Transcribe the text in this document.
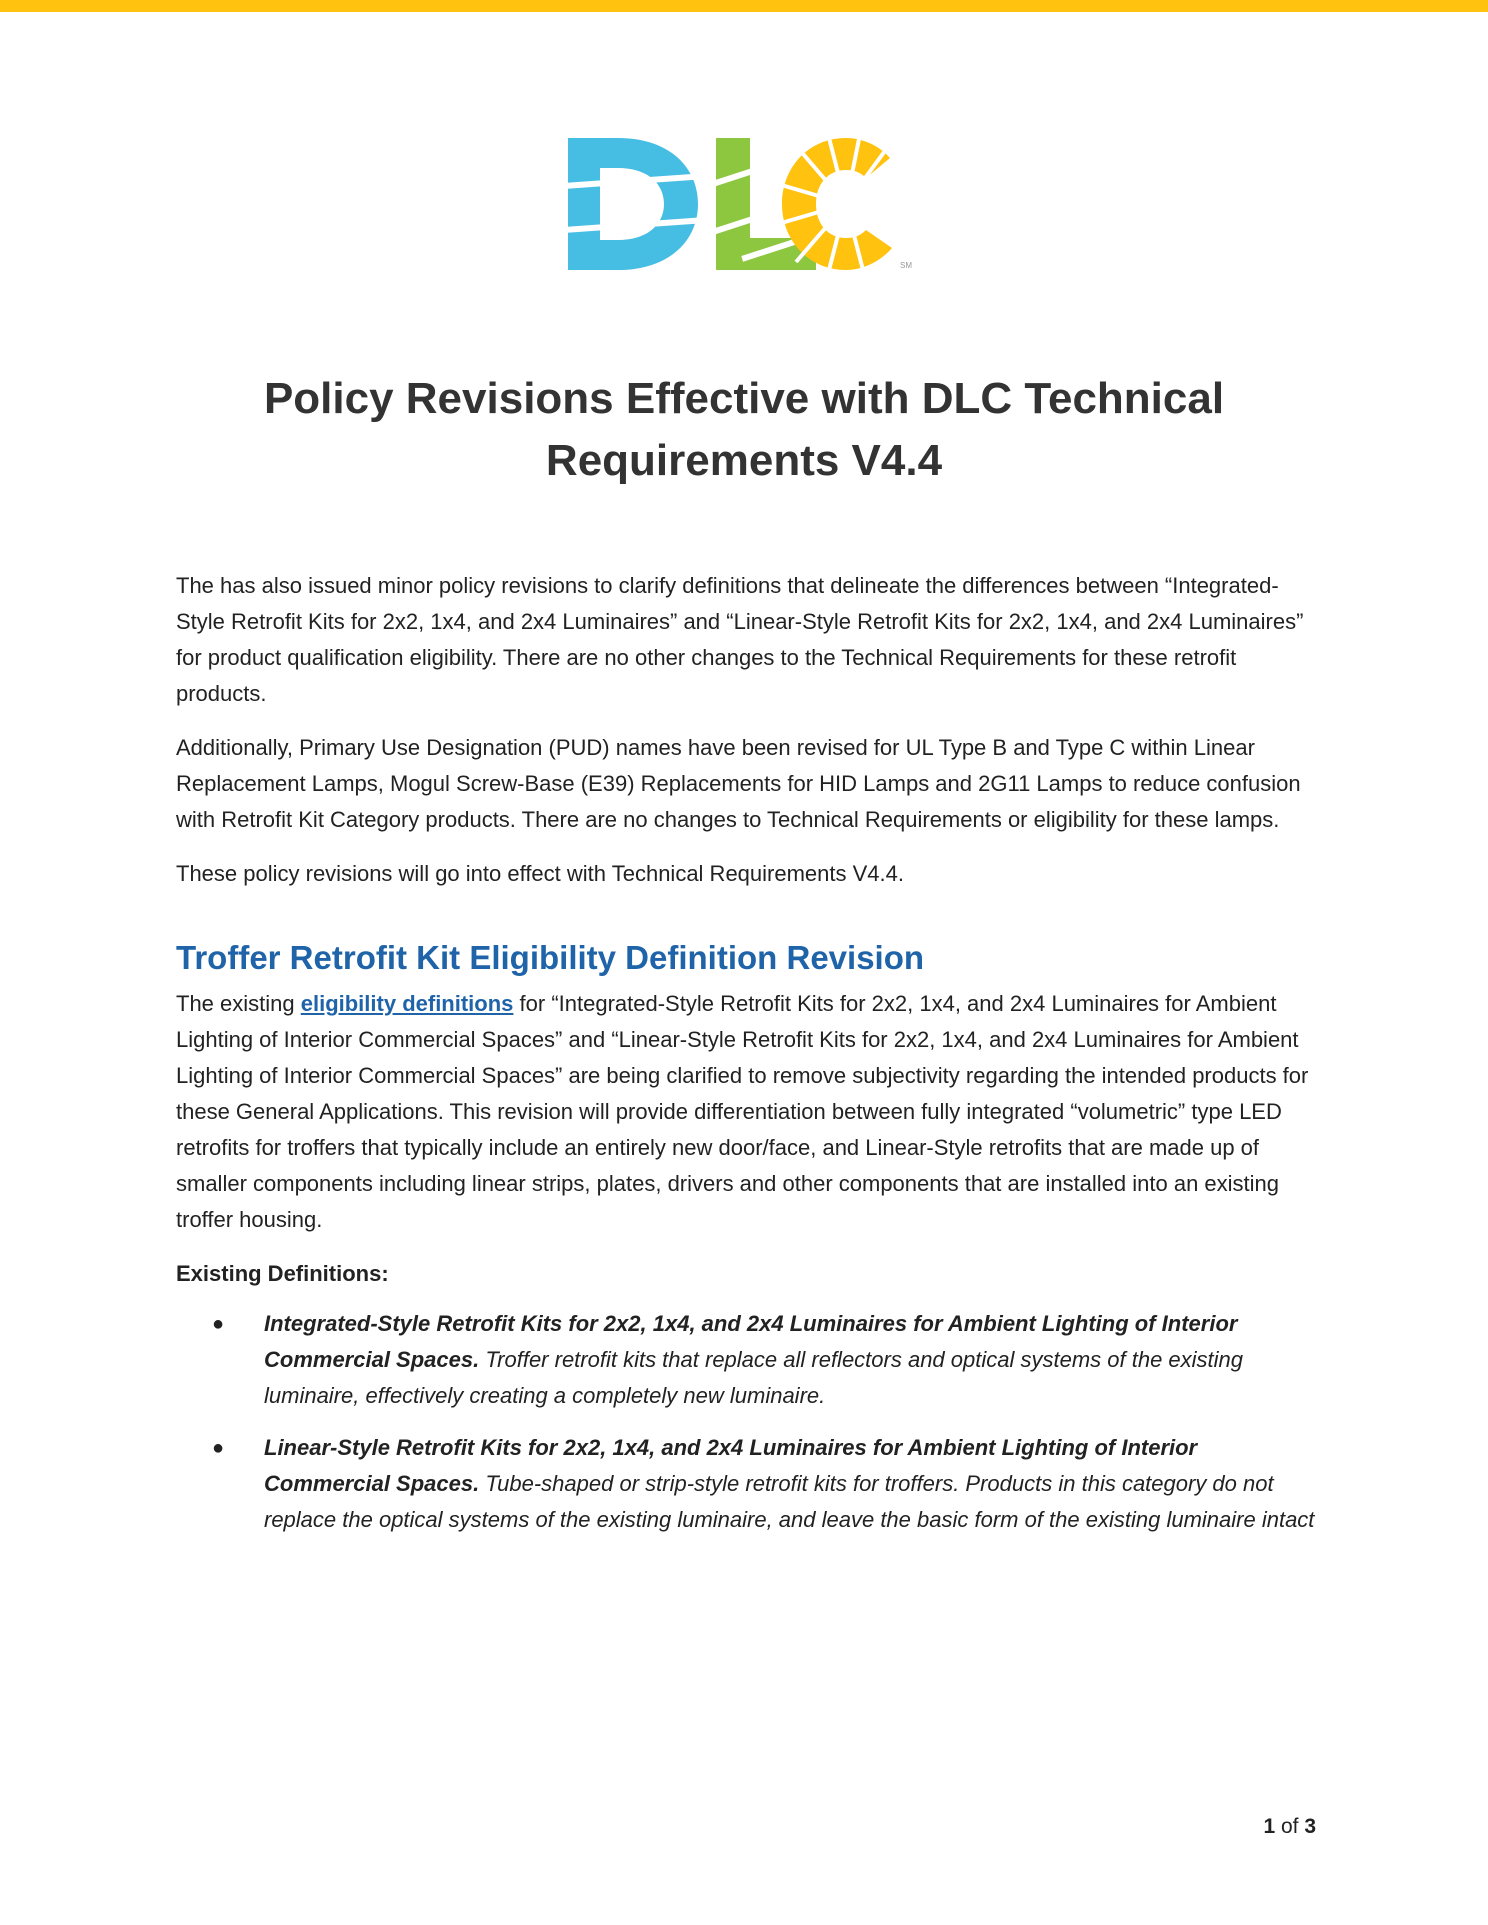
SM
Policy Revisions Effective with DLC Technical Requirements V4.4

The has also issued minor policy revisions to clarify definitions that delineate the differences between “Integrated-Style Retrofit Kits for 2x2, 1x4, and 2x4 Luminaires” and “Linear-Style Retrofit Kits for 2x2, 1x4, and 2x4 Luminaires” for product qualification eligibility. There are no other changes to the Technical Requirements for these retrofit products.

Additionally, Primary Use Designation (PUD) names have been revised for UL Type B and Type C within Linear Replacement Lamps, Mogul Screw-Base (E39) Replacements for HID Lamps and 2G11 Lamps to reduce confusion with Retrofit Kit Category products. There are no changes to Technical Requirements or eligibility for these lamps.

These policy revisions will go into effect with Technical Requirements V4.4.

Troffer Retrofit Kit Eligibility Definition Revision

The existing eligibility definitions for “Integrated-Style Retrofit Kits for 2x2, 1x4, and 2x4 Luminaires for Ambient Lighting of Interior Commercial Spaces” and “Linear-Style Retrofit Kits for 2x2, 1x4, and 2x4 Luminaires for Ambient Lighting of Interior Commercial Spaces” are being clarified to remove subjectivity regarding the intended products for these General Applications. This revision will provide differentiation between fully integrated “volumetric” type LED retrofits for troffers that typically include an entirely new door/face, and Linear-Style retrofits that are made up of smaller components including linear strips, plates, drivers and other components that are installed into an existing troffer housing.

Existing Definitions:
● Integrated-Style Retrofit Kits for 2x2, 1x4, and 2x4 Luminaires for Ambient Lighting of Interior Commercial Spaces. Troffer retrofit kits that replace all reflectors and optical systems of the existing luminaire, effectively creating a completely new luminaire.
● Linear-Style Retrofit Kits for 2x2, 1x4, and 2x4 Luminaires for Ambient Lighting of Interior Commercial Spaces. Tube-shaped or strip-style retrofit kits for troffers. Products in this category do not replace the optical systems of the existing luminaire, and leave the basic form of the existing luminaire intact
1 of 3
